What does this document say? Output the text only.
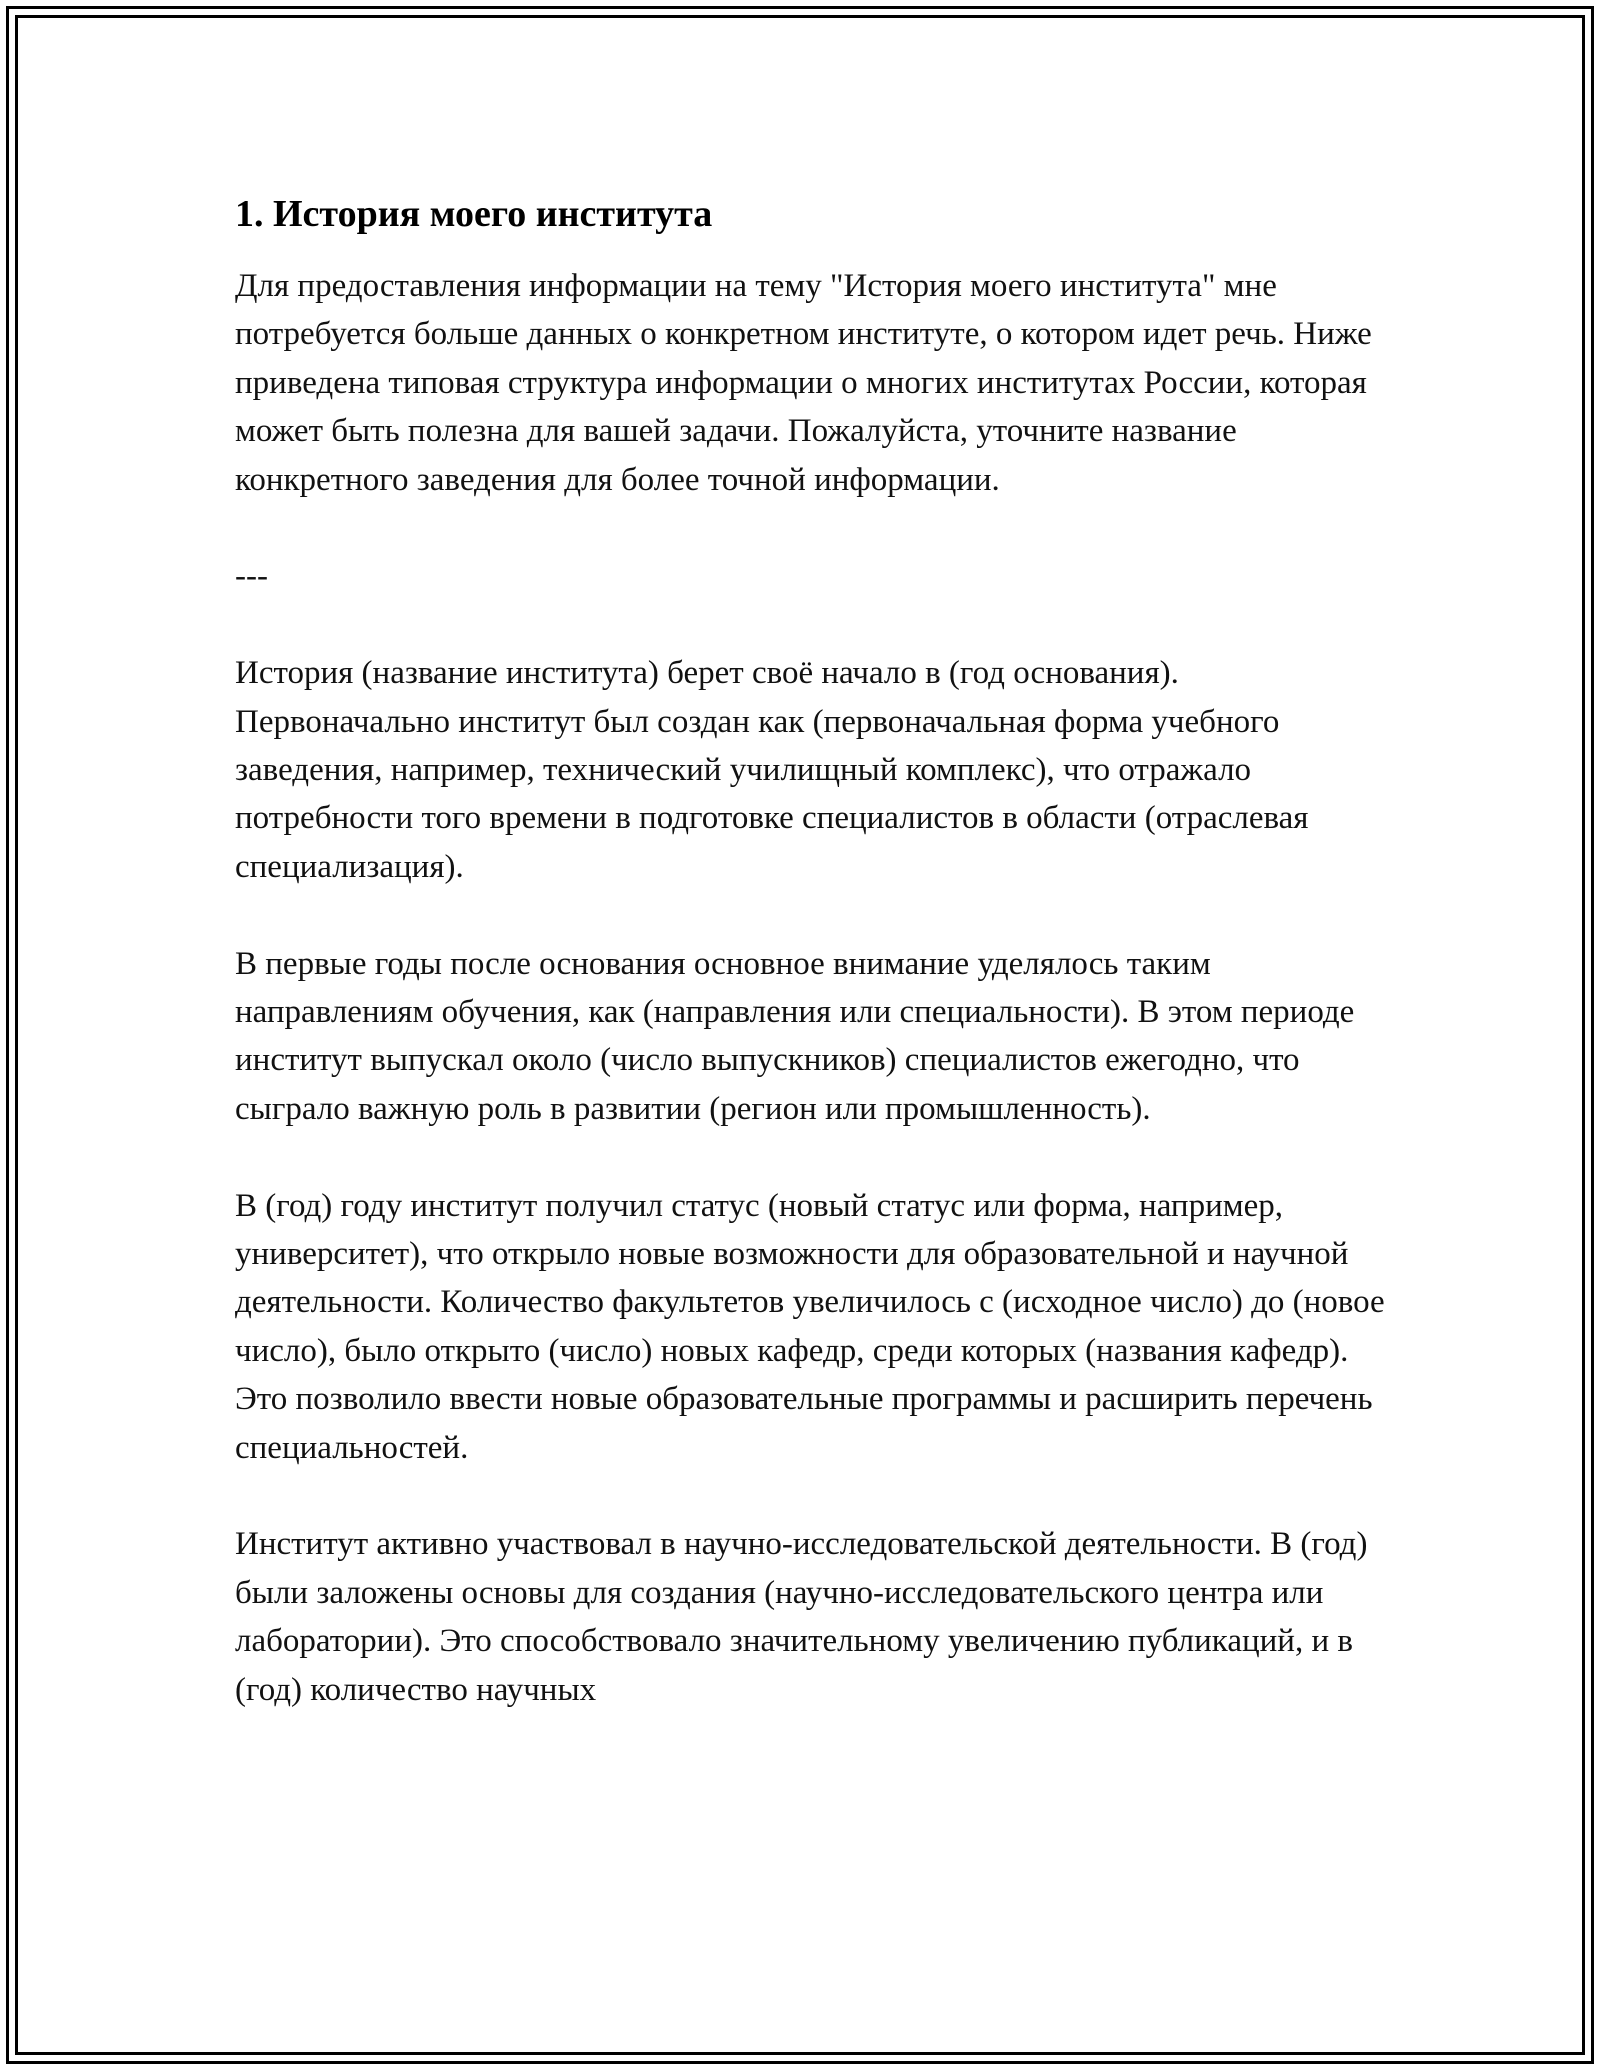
1. История моего института

Для предоставления информации на тему "История моего института" мне потребуется больше данных о конкретном институте, о котором идет речь. Ниже приведена типовая структура информации о многих институтах России, которая может быть полезна для вашей задачи. Пожалуйста, уточните название конкретного заведения для более точной информации.

---

История (название института) берет своё начало в (год основания). Первоначально институт был создан как (первоначальная форма учебного заведения, например, технический училищный комплекс), что отражало потребности того времени в подготовке специалистов в области (отраслевая специализация).

В первые годы после основания основное внимание уделялось таким направлениям обучения, как (направления или специальности). В этом периоде институт выпускал около (число выпускников) специалистов ежегодно, что сыграло важную роль в развитии (регион или промышленность).

В (год) году институт получил статус (новый статус или форма, например, университет), что открыло новые возможности для образовательной и научной деятельности. Количество факультетов увеличилось с (исходное число) до (новое число), было открыто (число) новых кафедр, среди которых (названия кафедр). Это позволило ввести новые образовательные программы и расширить перечень специальностей.

Институт активно участвовал в научно-исследовательской деятельности. В (год) были заложены основы для создания (научно-исследовательского центра или лаборатории). Это способствовало значительному увеличению публикаций, и в (год) количество научных
